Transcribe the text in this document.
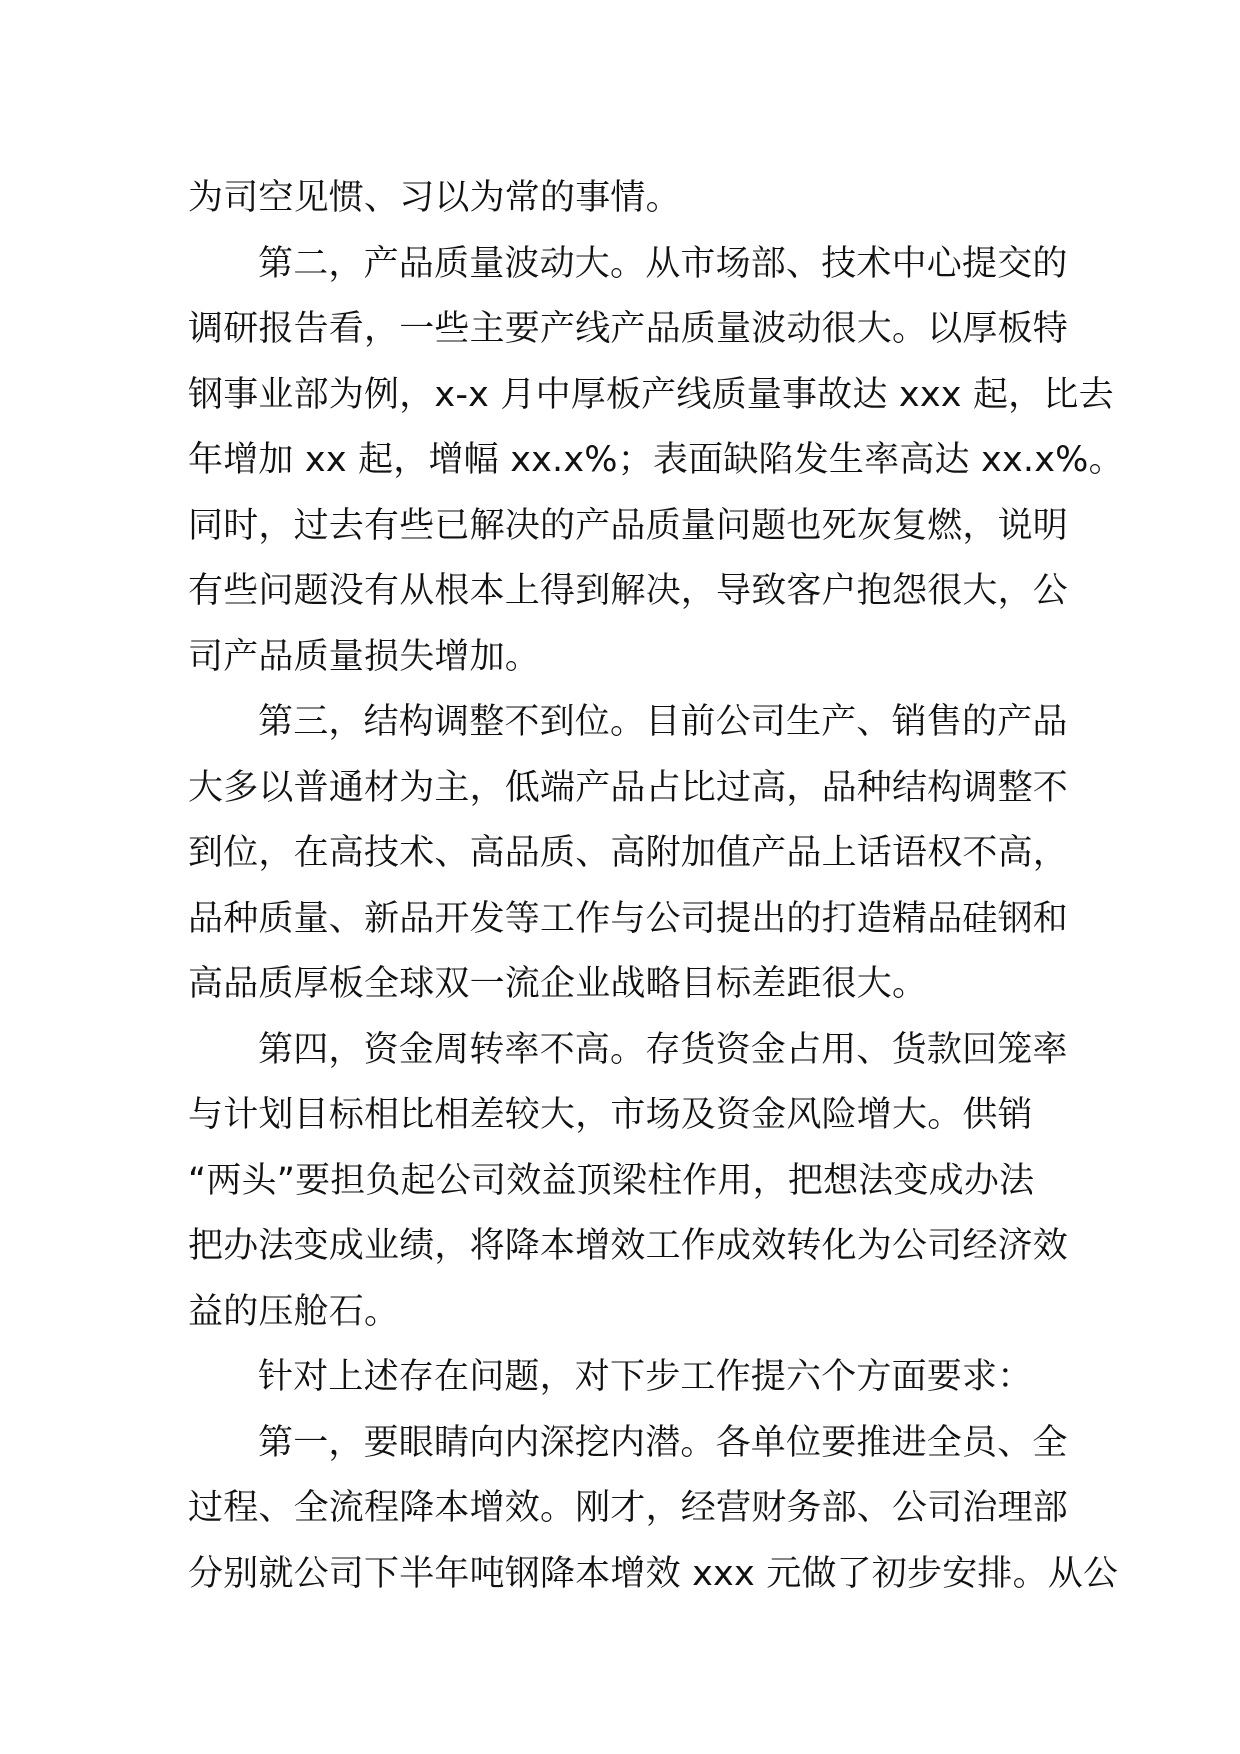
为司空见惯、习以为常的事情。

第二，产品质量波动大。从市场部、技术中心提交的
调研报告看，一些主要产线产品质量波动很大。以厚板特
钢事业部为例，x-x 月中厚板产线质量事故达 xxx 起，比去
年增加 xx 起，增幅 xx.x%；表面缺陷发生率高达 xx.x%。
同时，过去有些已解决的产品质量问题也死灰复燃，说明
有些问题没有从根本上得到解决，导致客户抱怨很大，公
司产品质量损失增加。

第三，结构调整不到位。目前公司生产、销售的产品
大多以普通材为主，低端产品占比过高，品种结构调整不
到位，在高技术、高品质、高附加值产品上话语权不高，
品种质量、新品开发等工作与公司提出的打造精品硅钢和
高品质厚板全球双一流企业战略目标差距很大。

第四，资金周转率不高。存货资金占用、货款回笼率
与计划目标相比相差较大，市场及资金风险增大。供销
“两头”要担负起公司效益顶梁柱作用，把想法变成办法
把办法变成业绩，将降本增效工作成效转化为公司经济效
益的压舱石。

针对上述存在问题，对下步工作提六个方面要求：

第一，要眼睛向内深挖内潜。各单位要推进全员、全
过程、全流程降本增效。刚才，经营财务部、公司治理部
分别就公司下半年吨钢降本增效 xxx 元做了初步安排。从公
